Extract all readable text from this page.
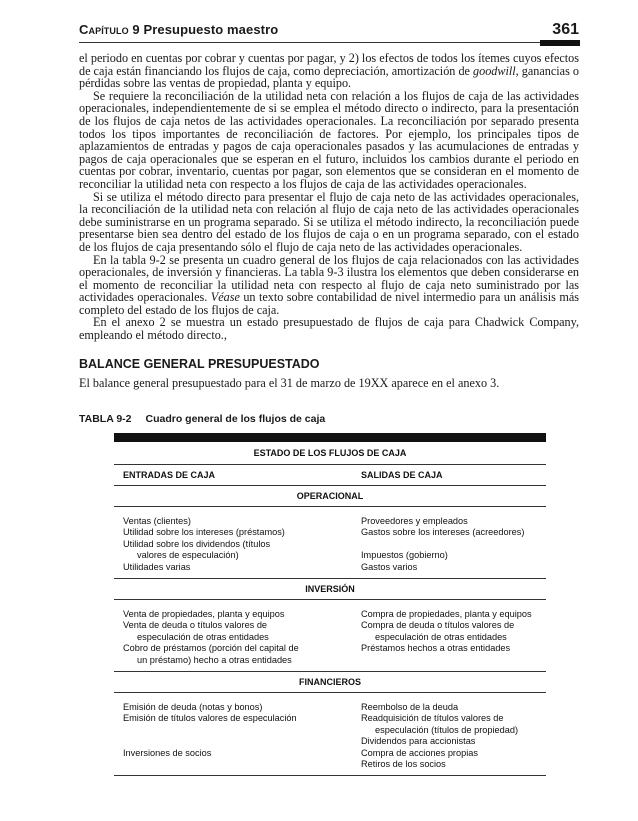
Capítulo 9 Presupuesto maestro	361

el periodo en cuentas por cobrar y cuentas por pagar, y 2) los efectos de todos los ítemes cuyos efectos de caja están financiando los flujos de caja, como depreciación, amortización de goodwill, ganancias o pérdidas sobre las ventas de propiedad, planta y equipo.

Se requiere la reconciliación de la utilidad neta con relación a los flujos de caja de las actividades operacionales, independientemente de si se emplea el método directo o indirecto, para la presentación de los flujos de caja netos de las actividades operacionales. La reconciliación por separado presenta todos los tipos importantes de reconciliación de factores. Por ejemplo, los principales tipos de aplazamientos de entradas y pagos de caja operacionales pasados y las acumulaciones de entradas y pagos de caja operacionales que se esperan en el futuro, incluidos los cambios durante el periodo en cuentas por cobrar, inventario, cuentas por pagar, son elementos que se consideran en el momento de reconciliar la utilidad neta con respecto a los flujos de caja de las actividades operacionales.

Si se utiliza el método directo para presentar el flujo de caja neto de las actividades operacionales, la reconciliación de la utilidad neta con relación al flujo de caja neto de las actividades operacionales debe suministrarse en un programa separado. Si se utiliza el método indirecto, la reconciliación puede presentarse bien sea dentro del estado de los flujos de caja o en un programa separado, con el estado de los flujos de caja presentando sólo el flujo de caja neto de las actividades operacionales.

En la tabla 9-2 se presenta un cuadro general de los flujos de caja relacionados con las actividades operacionales, de inversión y financieras. La tabla 9-3 ilustra los elementos que deben considerarse en el momento de reconciliar la utilidad neta con respecto al flujo de caja neto suministrado por las actividades operacionales. Véase un texto sobre contabilidad de nivel intermedio para un análisis más completo del estado de los flujos de caja.

En el anexo 2 se muestra un estado presupuestado de flujos de caja para Chadwick Company, empleando el método directo.,

BALANCE GENERAL PRESUPUESTADO
El balance general presupuestado para el 31 de marzo de 19XX aparece en el anexo 3.
TABLA 9-2 Cuadro general de los flujos de caja
ESTADO DE LOS FLUJOS DE CAJA
ENTRADAS DE CAJA	SALIDAS DE CAJA
OPERACIONAL
Ventas (clientes)
Utilidad sobre los intereses (préstamos)
Utilidad sobre los dividendos (títulos
valores de especulación)
Utilidades varias
Proveedores y empleados
Gastos sobre los intereses (acreedores)

Impuestos (gobierno)
Gastos varios
INVERSIÓN
Venta de propiedades, planta y equipos
Venta de deuda o títulos valores de
especulación de otras entidades
Cobro de préstamos (porción del capital de
un préstamo) hecho a otras entidades
Compra de propiedades, planta y equipos
Compra de deuda o títulos valores de
especulación de otras entidades
Préstamos hechos a otras entidades
FINANCIEROS
Emisión de deuda (notas y bonos)
Emisión de títulos valores de especulación

Inversiones de socios
Reembolso de la deuda
Readquisición de títulos valores de
especulación (títulos de propiedad)
Dividendos para accionistas
Compra de acciones propias
Retiros de los socios
